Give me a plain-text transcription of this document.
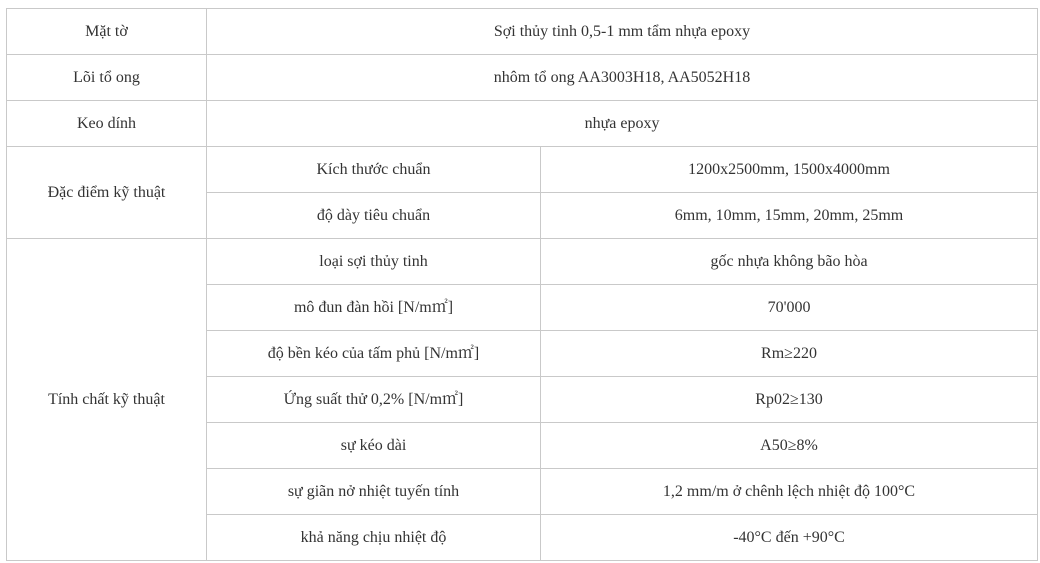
Mặt tờ	Sợi thủy tinh 0,5-1 mm tẩm nhựa epoxy	
Lõi tổ ong	nhôm tổ ong AA3003H18, AA5052H18	
Keo dính	nhựa epoxy	
Đặc điểm kỹ thuật	Kích thước chuẩn	1200x2500mm, 1500x4000mm
	độ dày tiêu chuẩn	6mm, 10mm, 15mm, 20mm, 25mm
Tính chất kỹ thuật	loại sợi thủy tinh	gốc nhựa không bão hòa
	mô đun đàn hồi [N/m㎡]	70'000
	độ bền kéo của tấm phủ [N/m㎡]	Rm≥220
	Ứng suất thử 0,2% [N/m㎡]	Rp02≥130
	sự kéo dài	A50≥8%
	sự giãn nở nhiệt tuyến tính	1,2 mm/m ở chênh lệch nhiệt độ 100°C
	khả năng chịu nhiệt độ	-40°C đến +90°C
